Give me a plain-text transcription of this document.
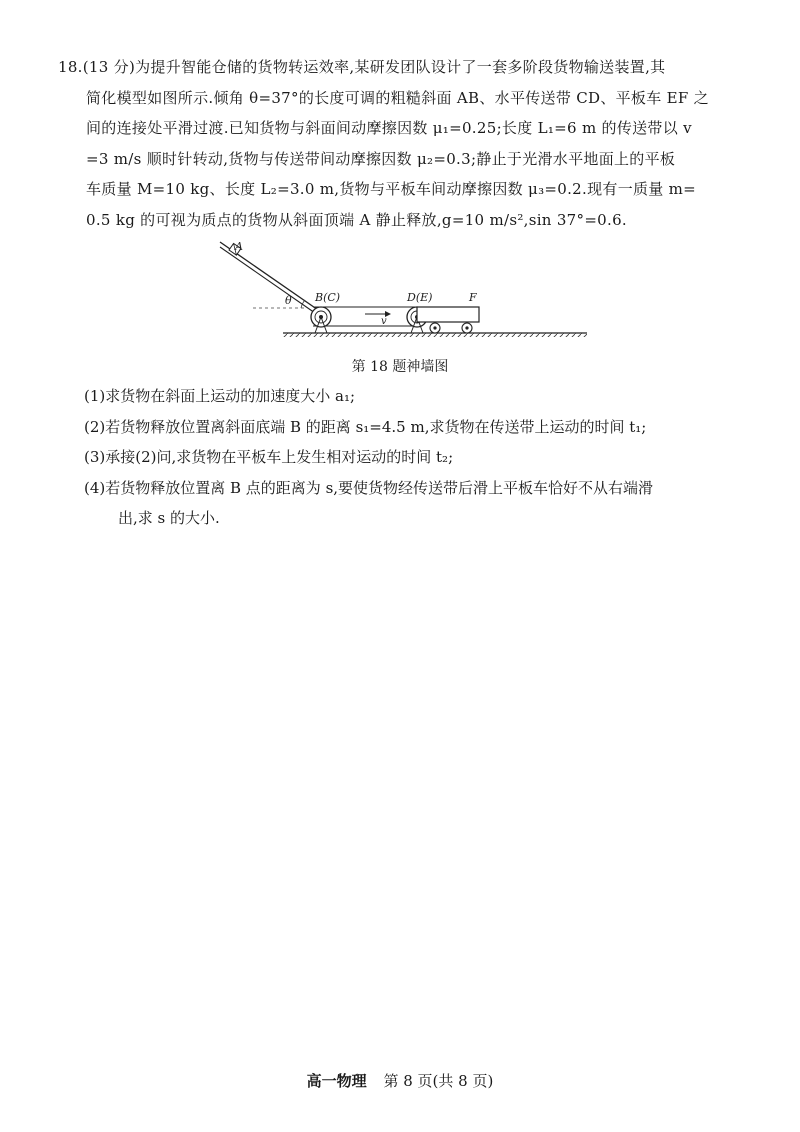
18.(13 分)为提升智能仓储的货物转运效率,某研发团队设计了一套多阶段货物输送装置,其
简化模型如图所示.倾角 θ=37°的长度可调的粗糙斜面 AB、水平传送带 CD、平板车 EF 之
间的连接处平滑过渡.已知货物与斜面间动摩擦因数 μ₁=0.25;长度 L₁=6 m 的传送带以 v
=3 m/s 顺时针转动,货物与传送带间动摩擦因数 μ₂=0.3;静止于光滑水平地面上的平板
车质量 M=10 kg、长度 L₂=3.0 m,货物与平板车间动摩擦因数 μ₃=0.2.现有一质量 m=
0.5 kg 的可视为质点的货物从斜面顶端 A 静止释放,g=10 m/s²,sin 37°=0.6.
A
θ B(C)	D(E)	F
v
第 18 题神墙图
(1)求货物在斜面上运动的加速度大小 a₁;
(2)若货物释放位置离斜面底端 B 的距离 s₁=4.5 m,求货物在传送带上运动的时间 t₁;
(3)承接(2)问,求货物在平板车上发生相对运动的时间 t₂;
(4)若货物释放位置离 B 点的距离为 s,要使货物经传送带后滑上平板车恰好不从右端滑
出,求 s 的大小.
高一物理 第 8 页(共 8 页)
